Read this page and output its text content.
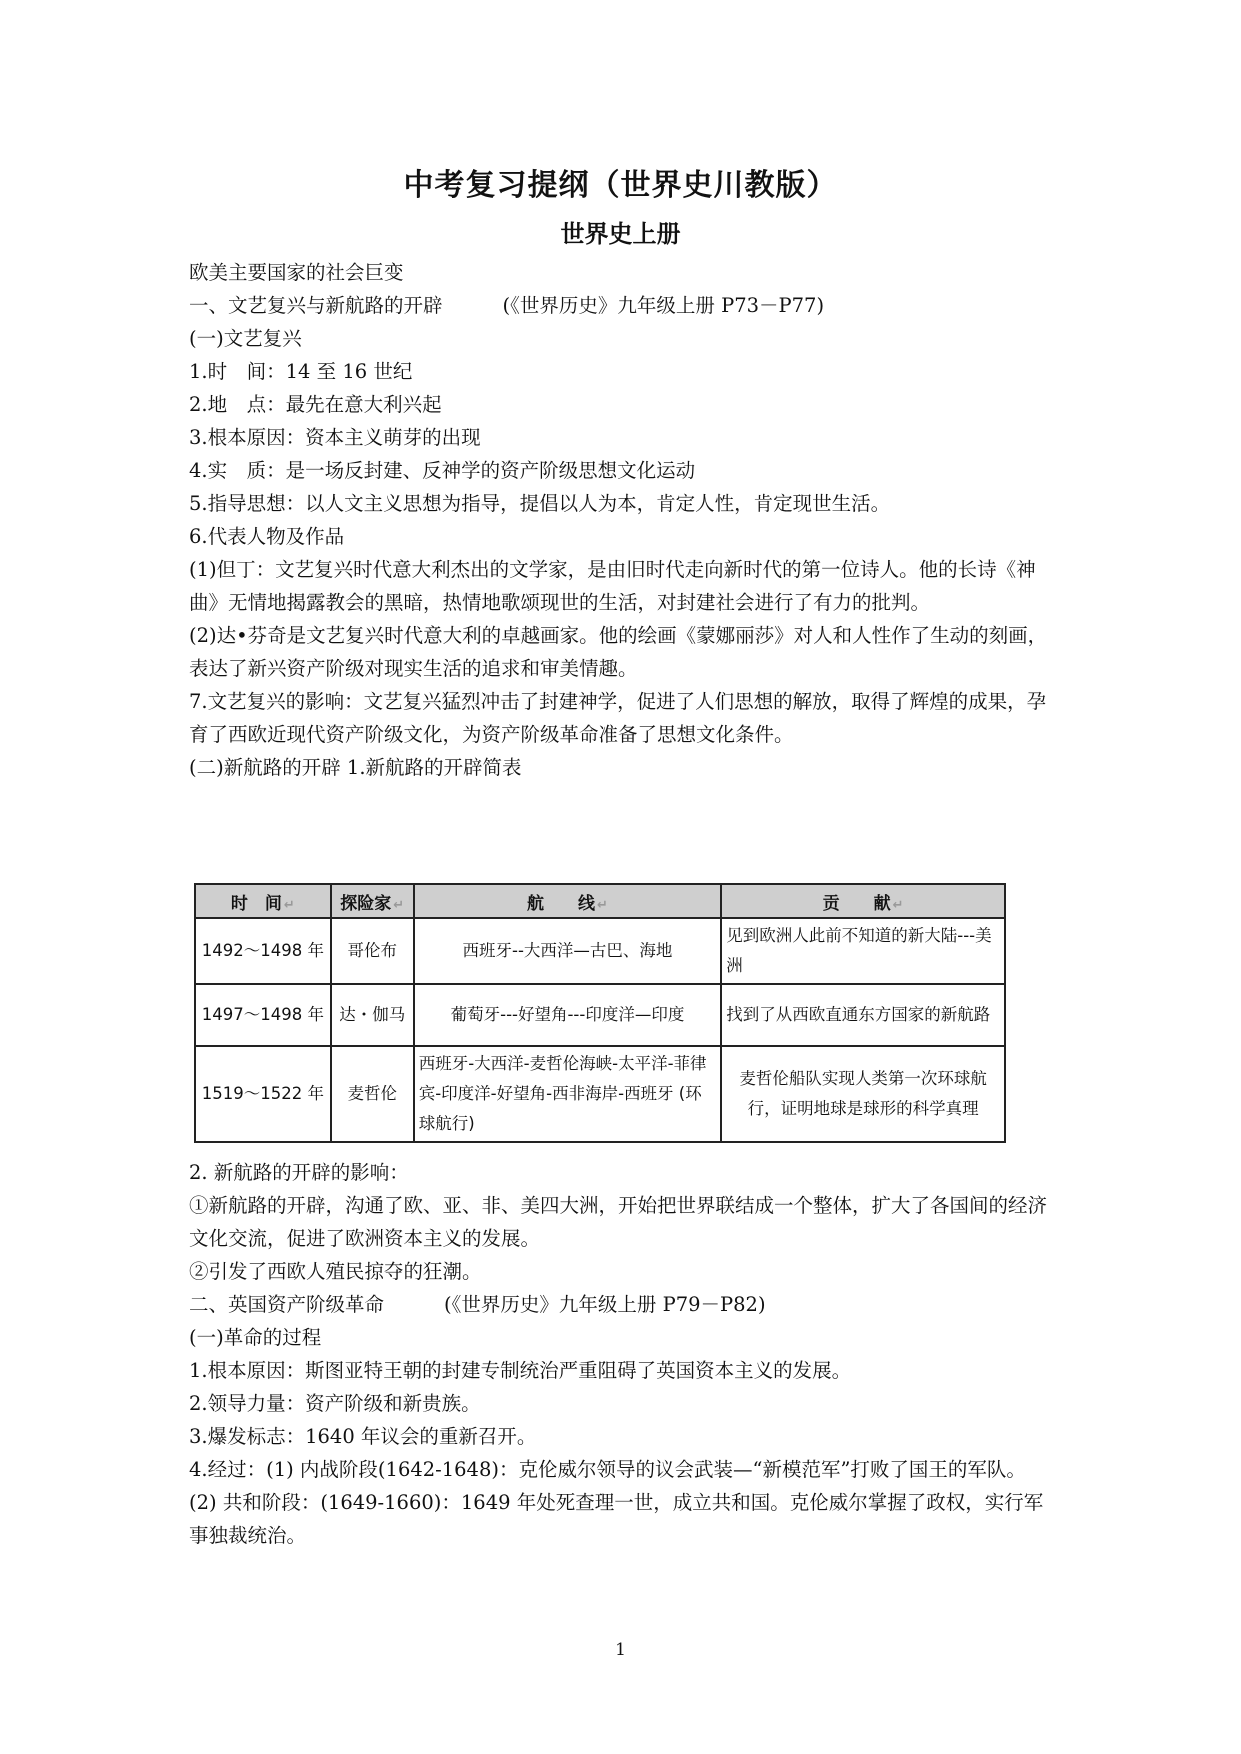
中考复习提纲（世界史川教版）
世界史上册

欧美主要国家的社会巨变

一、文艺复兴与新航路的开辟	(《世界历史》九年级上册 P73－P77)

(一)文艺复兴

1.时　间：14 至 16 世纪

2.地　点：最先在意大利兴起

3.根本原因：资本主义萌芽的出现

4.实　质：是一场反封建、反神学的资产阶级思想文化运动

5.指导思想：以人文主义思想为指导，提倡以人为本，肯定人性，肯定现世生活。

6.代表人物及作品

(1)但丁：文艺复兴时代意大利杰出的文学家，是由旧时代走向新时代的第一位诗人。他的长诗《神曲》无情地揭露教会的黑暗，热情地歌颂现世的生活，对封建社会进行了有力的批判。

(2)达•芬奇是文艺复兴时代意大利的卓越画家。他的绘画《蒙娜丽莎》对人和人性作了生动的刻画，表达了新兴资产阶级对现实生活的追求和审美情趣。

7.文艺复兴的影响：文艺复兴猛烈冲击了封建神学，促进了人们思想的解放，取得了辉煌的成果，孕育了西欧近现代资产阶级文化，为资产阶级革命准备了思想文化条件。

(二)新航路的开辟 1.新航路的开辟简表

时　间 ↵	探险家 ↵	航　　线 ↵	贡　　献 ↵
1492～1498 年	哥伦布	西班牙--大西洋—古巴、海地	见到欧洲人此前不知道的新大陆---美洲
1497～1498 年	达・伽马	葡萄牙---好望角---印度洋—印度	找到了从西欧直通东方国家的新航路
1519～1522 年	麦哲伦	西班牙-大西洋-麦哲伦海峡-太平洋-菲律宾-印度洋-好望角-西非海岸-西班牙 (环球航行)	麦哲伦船队实现人类第一次环球航行，证明地球是球形的科学真理

2. 新航路的开辟的影响：

①新航路的开辟，沟通了欧、亚、非、美四大洲，开始把世界联结成一个整体，扩大了各国间的经济文化交流，促进了欧洲资本主义的发展。

②引发了西欧人殖民掠夺的狂潮。

二、英国资产阶级革命	(《世界历史》九年级上册 P79－P82)

(一)革命的过程

1.根本原因：斯图亚特王朝的封建专制统治严重阻碍了英国资本主义的发展。

2.领导力量：资产阶级和新贵族。

3.爆发标志：1640 年议会的重新召开。

4.经过：(1) 内战阶段(1642-1648)：克伦威尔领导的议会武装—“新模范军”打败了国王的军队。

(2) 共和阶段：(1649-1660)：1649 年处死查理一世，成立共和国。克伦威尔掌握了政权，实行军事独裁统治。

1
